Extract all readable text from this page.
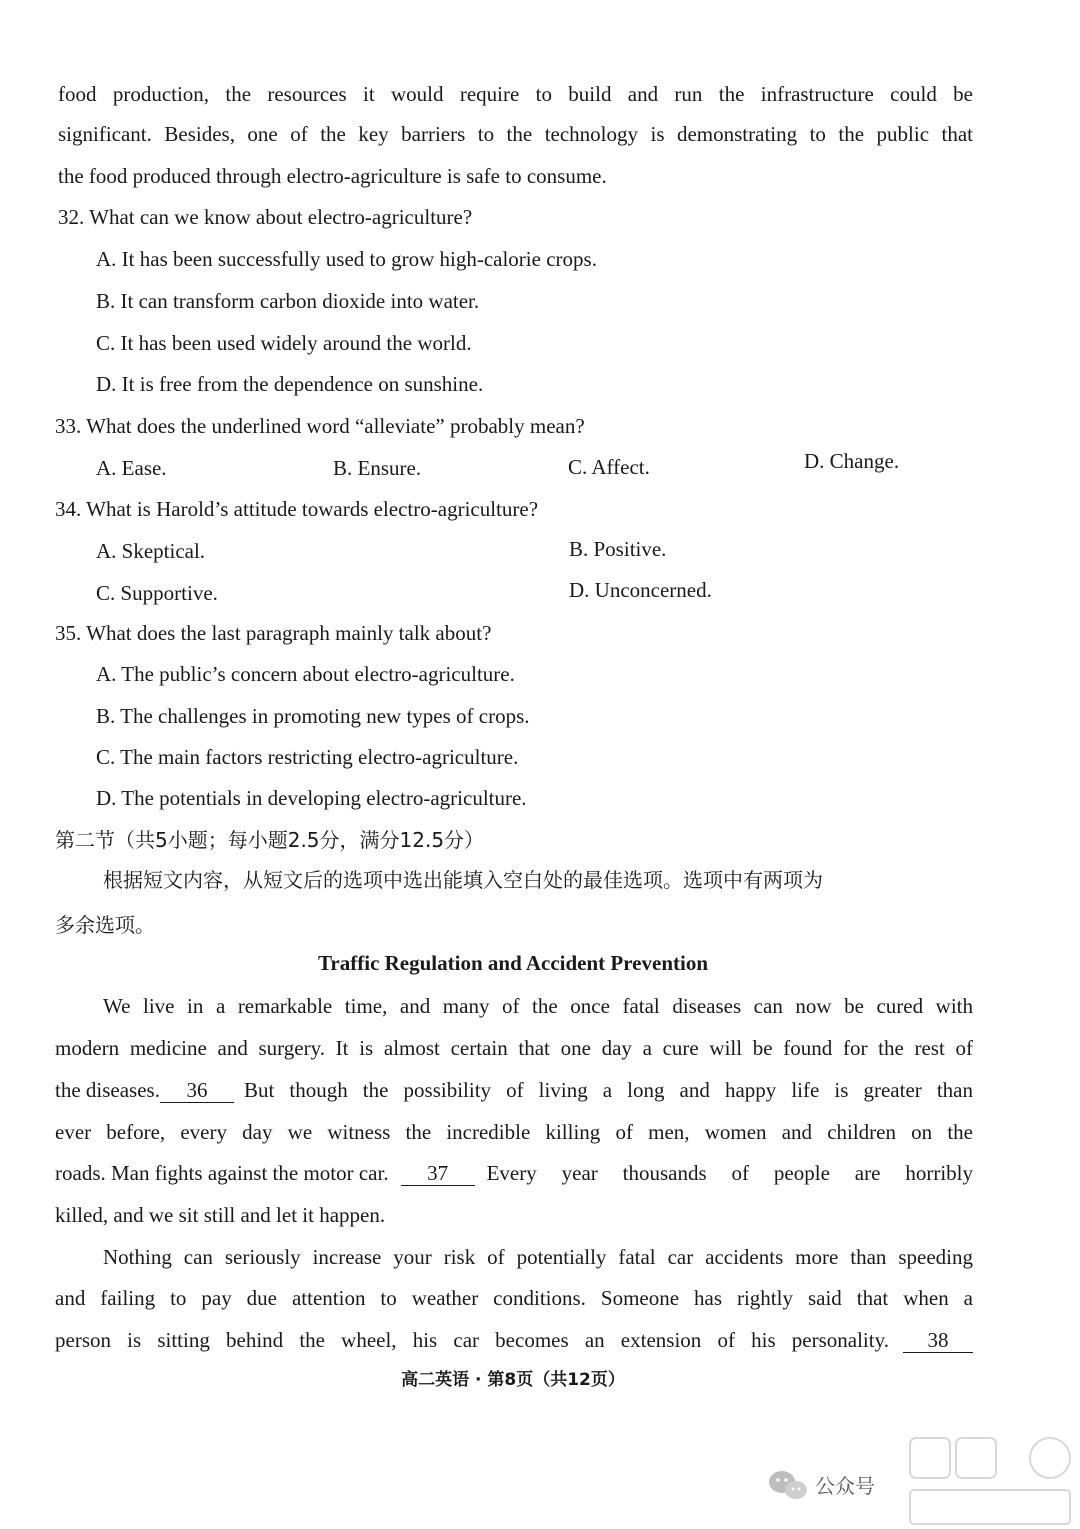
food production, the resources it would require to build and run the infrastructure could be
significant. Besides, one of the key barriers to the technology is demonstrating to the public that
the food produced through electro-agriculture is safe to consume.
32. What can we know about electro-agriculture?
A. It has been successfully used to grow high-calorie crops.
B. It can transform carbon dioxide into water.
C. It has been used widely around the world.
D. It is free from the dependence on sunshine.
33. What does the underlined word “alleviate” probably mean?
A. Ease.	B. Ensure.	C. Affect.	D. Change.
34. What is Harold’s attitude towards electro-agriculture?
A. Skeptical.	B. Positive.
C. Supportive.	D. Unconcerned.
35. What does the last paragraph mainly talk about?
A. The public’s concern about electro-agriculture.
B. The challenges in promoting new types of crops.
C. The main factors restricting electro-agriculture.
D. The potentials in developing electro-agriculture.
第二节（共5小题；每小题2.5分，满分12.5分）
根据短文内容，从短文后的选项中选出能填入空白处的最佳选项。选项中有两项为
多余选项。
Traffic Regulation and Accident Prevention
We live in a remarkable time, and many of the once fatal diseases can now be cured with
modern medicine and surgery. It is almost certain that one day a cure will be found for the rest of
the diseases.	36	But though the possibility of living a long and happy life is greater than
ever before, every day we witness the incredible killing of men, women and children on the
roads. Man fights against the motor car.	37	Every year thousands of people are horribly
killed, and we sit still and let it happen.
Nothing can seriously increase your risk of potentially fatal car accidents more than speeding
and failing to pay due attention to weather conditions. Someone has rightly said that when a
person is sitting behind the wheel, his car becomes an extension of his personality.	38
高二英语 · 第8页（共12页）
公众号
